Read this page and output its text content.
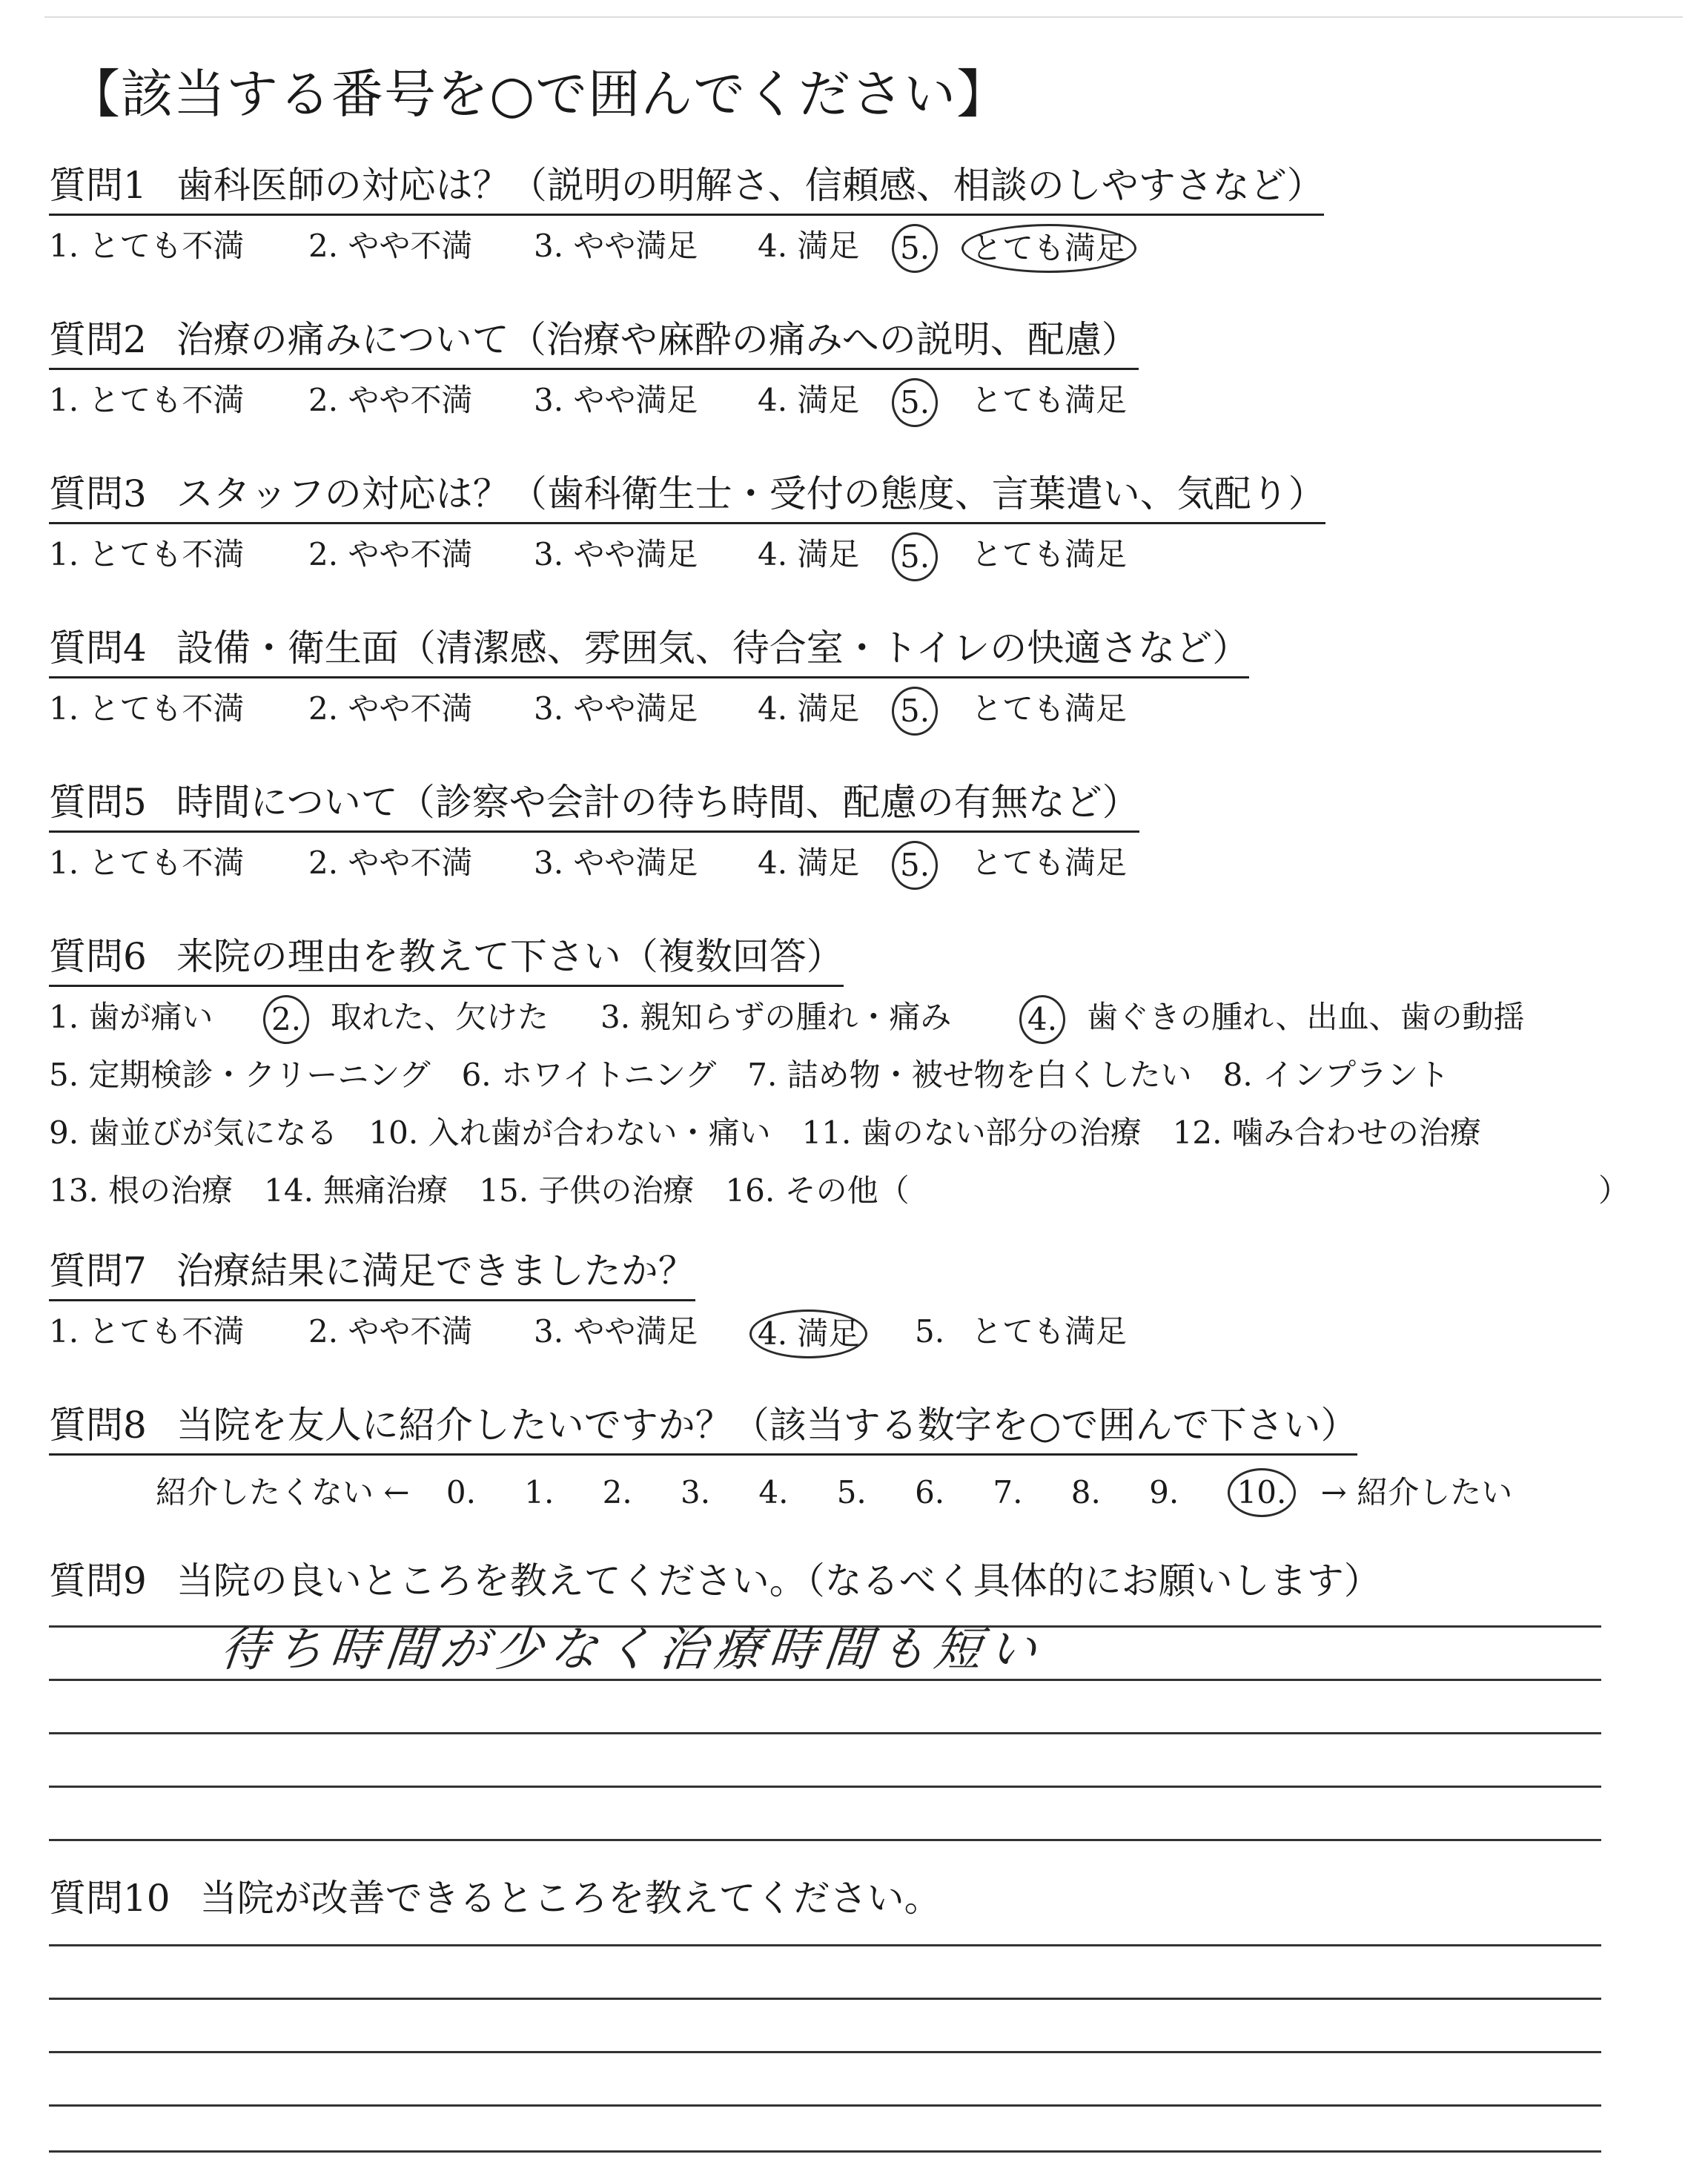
【該当する番号を○で囲んでください】
質問1 歯科医師の対応は？（説明の明解さ、信頼感、相談のしやすさなど）
1. とても不満 2. やや不満 3. やや満足 4. 満足 5.	とても満足
質問2 治療の痛みについて（治療や麻酔の痛みへの説明、配慮）
1. とても不満 2. やや不満 3. やや満足 4. 満足 5. とても満足
質問3 スタッフの対応は？（歯科衛生士・受付の態度、言葉遣い、気配り）
1. とても不満 2. やや不満 3. やや満足 4. 満足 5. とても満足
質問4 設備・衛生面（清潔感、雰囲気、待合室・トイレの快適さなど）
1. とても不満 2. やや不満 3. やや満足 4. 満足 5. とても満足
質問5 時間について（診察や会計の待ち時間、配慮の有無など）
1. とても不満 2. やや不満 3. やや満足 4. 満足 5. とても満足
質問6 来院の理由を教えて下さい（複数回答）
1. 歯が痛い 2. 取れた、欠けた 3. 親知らずの腫れ・痛み 4. 歯ぐきの腫れ、出血、歯の動揺
5. 定期検診・クリーニング　6. ホワイトニング　7. 詰め物・被せ物を白くしたい　8. インプラント
9. 歯並びが気になる　10. 入れ歯が合わない・痛い　11. 歯のない部分の治療　12. 噛み合わせの治療
13. 根の治療　14. 無痛治療　15. 子供の治療　16. その他（	）
質問7 治療結果に満足できましたか？
1. とても不満 2. やや不満 3. やや満足 4. 満足 5. とても満足
質問8 当院を友人に紹介したいですか？（該当する数字を○で囲んで下さい）
紹介したくない ← 0. 1. 2. 3. 4. 5. 6. 7. 8. 9. 10. → 紹介したい
質問9 当院の良いところを教えてください。（なるべく具体的にお願いします）
待ち時間が少なく治療時間も短い
質問10 当院が改善できるところを教えてください。
